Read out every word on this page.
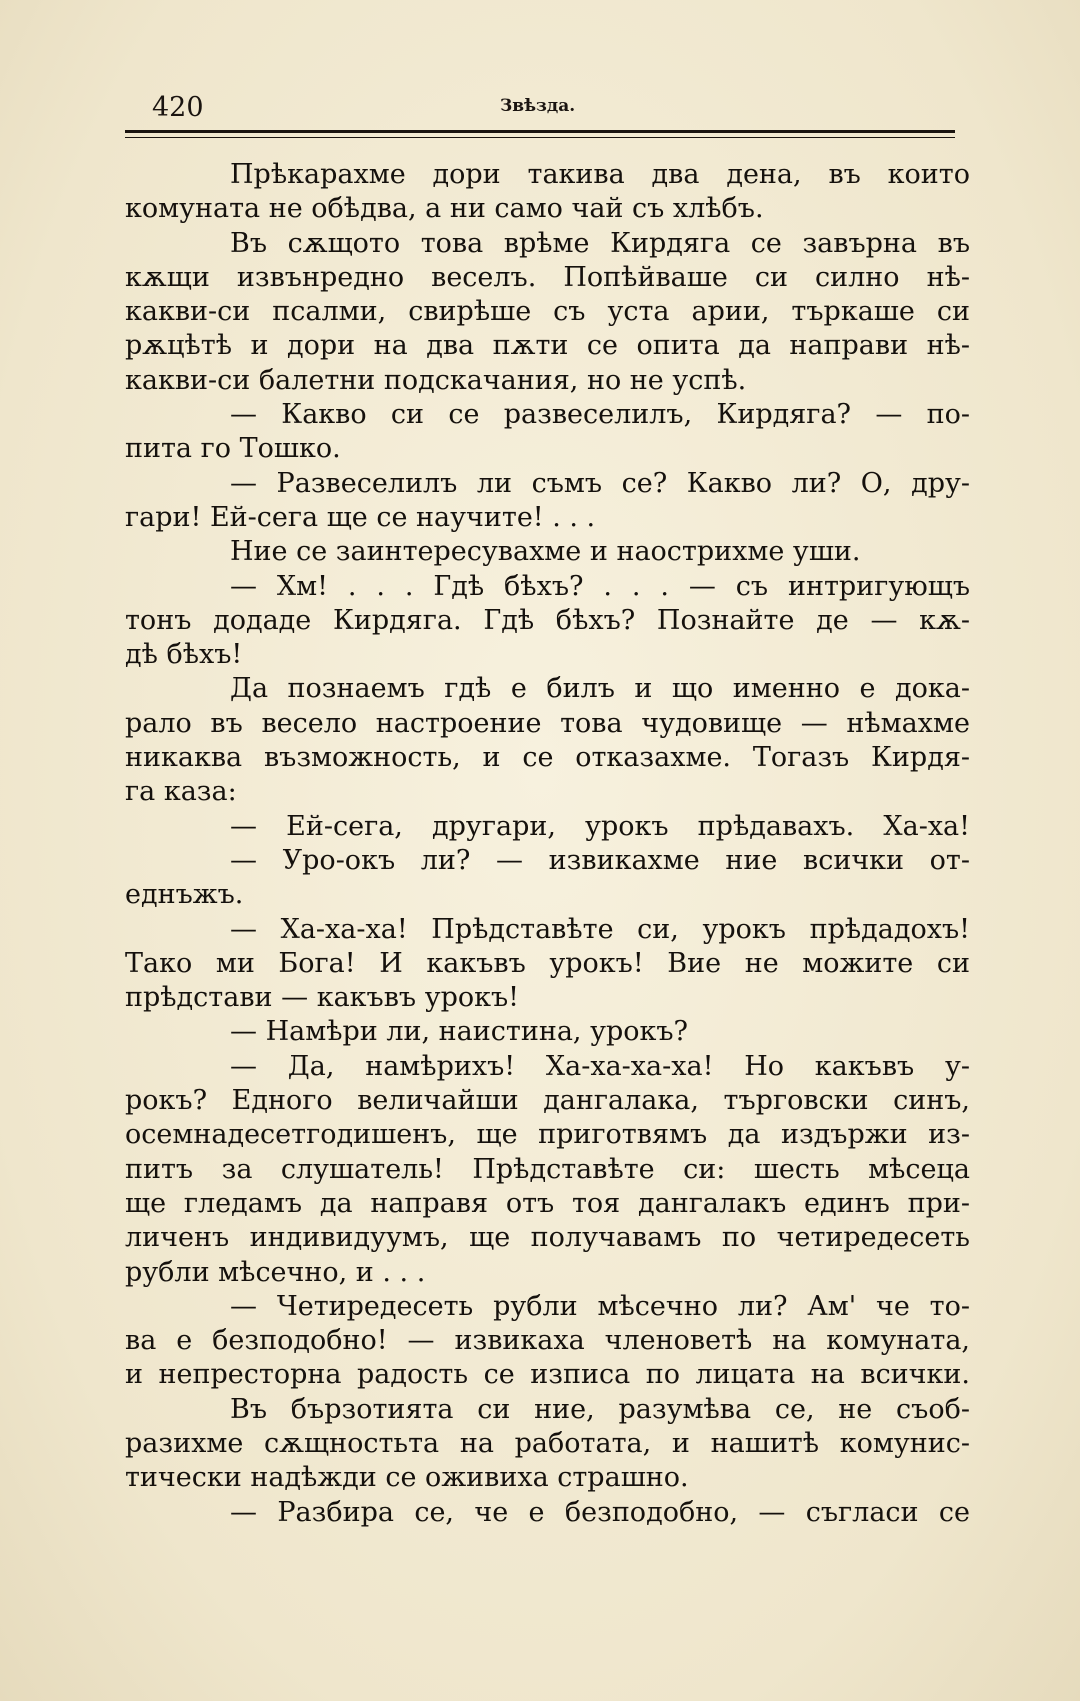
420	Звѣзда.
Прѣкарахме дори такива два дена, въ които
комуната не обѣдва, а ни само чай съ хлѣбъ.
Въ сѫщото това врѣме Кирдяга се завърна въ
кѫщи извънредно веселъ. Попѣйваше си силно нѣ-
какви-си псалми, свирѣше съ уста арии, търкаше си
рѫцѣтѣ и дори на два пѫти се опита да направи нѣ-
какви-си балетни подскачания, но не успѣ.
— Какво си се развеселилъ, Кирдяга? — по-
пита го Тошко.
— Развеселилъ ли съмъ се? Какво ли? О, дру-
гари! Ей-сега ще се научите! . . .
Ние се заинтересувахме и наострихме уши.
— Хм! . . . Гдѣ бѣхъ? . . . — съ интригующъ
тонъ додаде Кирдяга. Гдѣ бѣхъ? Познайте де — кѫ-
дѣ бѣхъ!
Да познаемъ гдѣ е билъ и що именно е дока-
рало въ весело настроение това чудовище — нѣмахме
никаква възможность, и се отказахме. Тогазъ Кирдя-
га каза:
— Ей-сега, другари, урокъ прѣдавахъ. Ха-ха!
— Уро-окъ ли? — извикахме ние всички от-
еднъжъ.
— Ха-ха-ха! Прѣдставѣте си, урокъ прѣдадохъ!
Тако ми Бога! И какъвъ урокъ! Вие не можите си
прѣдстави — какъвъ урокъ!
— Намѣри ли, наистина, урокъ?
— Да, намѣрихъ! Ха-ха-ха-ха! Но какъвъ у-
рокъ? Едного величайши дангалака, търговски синъ,
осемнадесетгодишенъ, ще приготвямъ да издържи из-
питъ за слушатель! Прѣдставѣте си: шесть мѣсеца
ще гледамъ да направя отъ тоя дангалакъ единъ при-
личенъ индивидуумъ, ще получавамъ по четиредесеть
рубли мѣсечно, и . . .
— Четиредесеть рубли мѣсечно ли? Ам' че то-
ва е безподобно! — извикаха членоветѣ на комуната,
и непресторна радость се изписа по лицата на всички.
Въ бързотията си ние, разумѣва се, не съоб-
разихме сѫщностьта на работата, и нашитѣ комунис-
тически надѣжди се оживиха страшно.
— Разбира се, че е безподобно, — съгласи се
